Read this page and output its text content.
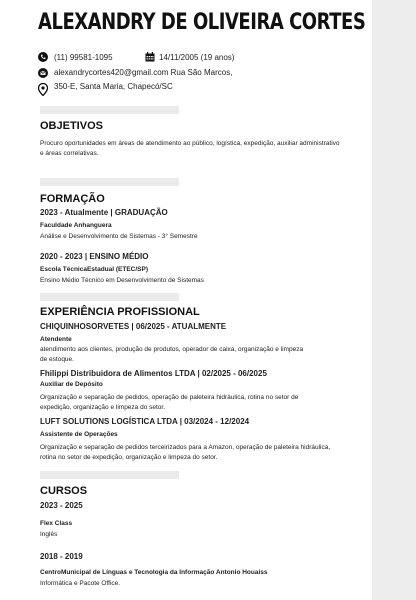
ALEXANDRY DE OLIVEIRA CORTES
(11) 99581-1095	14/11/2005 (19 anos)
alexandrycortes420@gmail.com Rua São Marcos,
350-E, Santa Maria, Chapecó/SC
OBJETIVOS

Procuro oportunidades em áreas de atendimento ao público, logística, expedição, auxiliar administrativo e áreas correlativas.

FORMAÇÃO
2023 - Atualmente | GRADUAÇÃO
Faculdade Anhanguera
Análise e Desenvolvimento de Sistemas - 3° Semestre
2020 - 2023 | ENSINO MÉDIO
Escola TécnicaEstadual (ETEC/SP)
Ensino Médio Técnico em Desenvolvimento de Sistemas
EXPERIÊNCIA PROFISSIONAL
CHIQUINHOSORVETES | 06/2025 - ATUALMENTE
Atendente

atendimento aos clientes, produção de produtos, operador de caixa, organização e limpeza de estoque.

Fhilippi Distribuidora de Alimentos LTDA | 02/2025 - 06/2025
Auxiliar de Depósito

Organização e separação de pedidos, operação de paleteira hidráulica, rotina no setor de expedição, organização e limpeza do setor.

LUFT SOLUTIONS LOGÍSTICA LTDA | 03/2024 - 12/2024
Assistente de Operações

Organização e separação de pedidos terceirizados para a Amazon, operação de paleteira hidráulica, rotina no setor de expedição, organização e limpeza do setor.

CURSOS
2023 - 2025
Flex Class
Inglês
2018 - 2019
CentroMunicipal de Línguas e Tecnologia da Informação Antonio Houaiss
Informática e Pacote Office.
